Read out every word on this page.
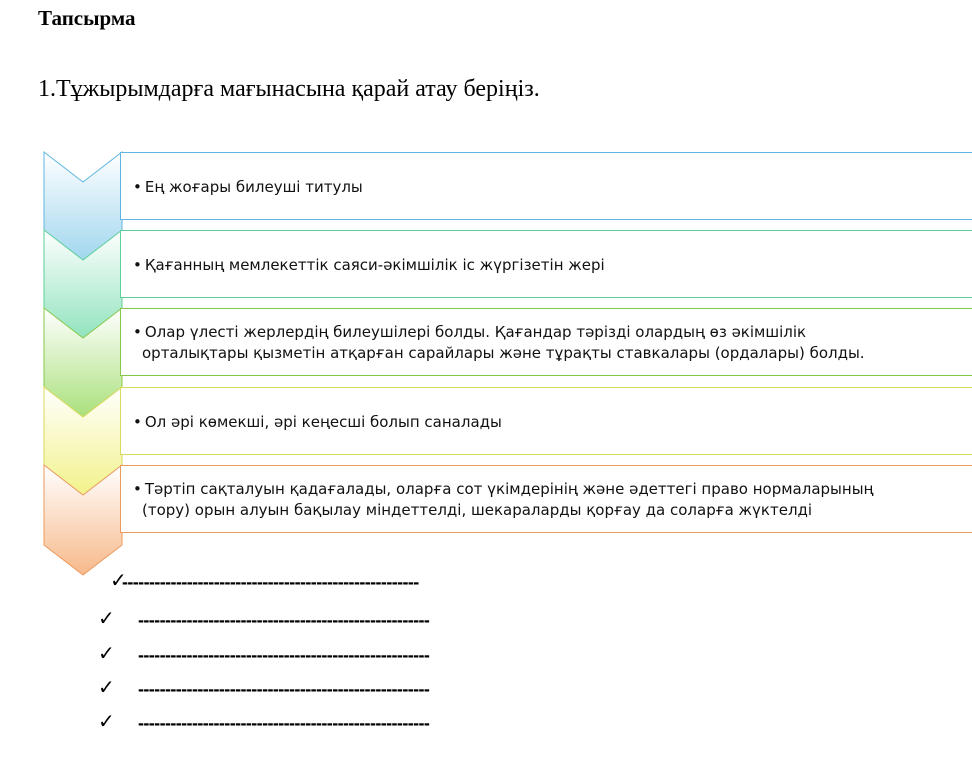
Тапсырма
1.Тұжырымдарға мағынасына қарай атау беріңіз.
• Ең жоғары билеуші титулы
• Қағанның мемлекеттік саяси-әкімшілік іс жүргізетін жері
• Олар үлесті жерлердің билеушілері болды. Қағандар тәрізді олардың өз әкімшілік
орталықтары қызметін атқарған сарайлары және тұрақты ставкалары (ордалары) болды.
• Ол әрі көмекші, әрі кеңесші болып саналады
• Тәртіп сақталуын қадағалады, оларға сот үкімдерінің және әдеттегі право нормаларының
(тору) орын алуын бақылау міндеттелді, шекараларды қорғау да соларға жүктелді
✓
-------------------------------------------------------
✓ ------------------------------------------------------
✓ ------------------------------------------------------
✓ ------------------------------------------------------
✓ ------------------------------------------------------
